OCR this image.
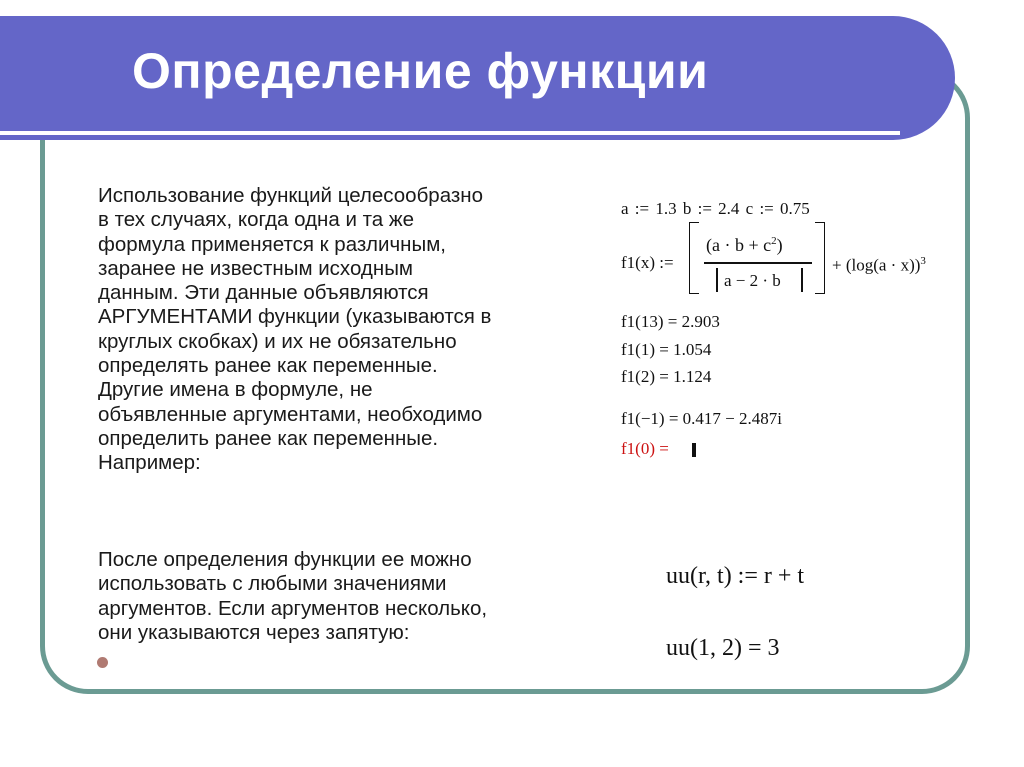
Определение функции
Использование функций целесообразно
в тех случаях, когда одна и та же
формула применяется к различным,
заранее не известным исходным
данным. Эти данные объявляются
АРГУМЕНТАМИ функции (указываются в
круглых скобках) и их не обязательно
определять ранее как переменные.
Другие имена в формуле, не
объявленные аргументами, необходимо
определить ранее как переменные.
Например:
После определения функции ее можно
использовать с любыми значениями
аргументов. Если аргументов несколько,
они указываются через запятую:
a := 1.3 b := 2.4 c := 0.75
f1(x) :=
$(a \cdot b + c^2)$
a − 2 · b
+ $(\log(a \cdot x))^3$
f1(13) = 2.903
f1(1) = 1.054
f1(2) = 1.124
f1(−1) = 0.417 − 2.487i
f1(0) =
uu(r, t) := r + t
uu(1, 2) = 3
